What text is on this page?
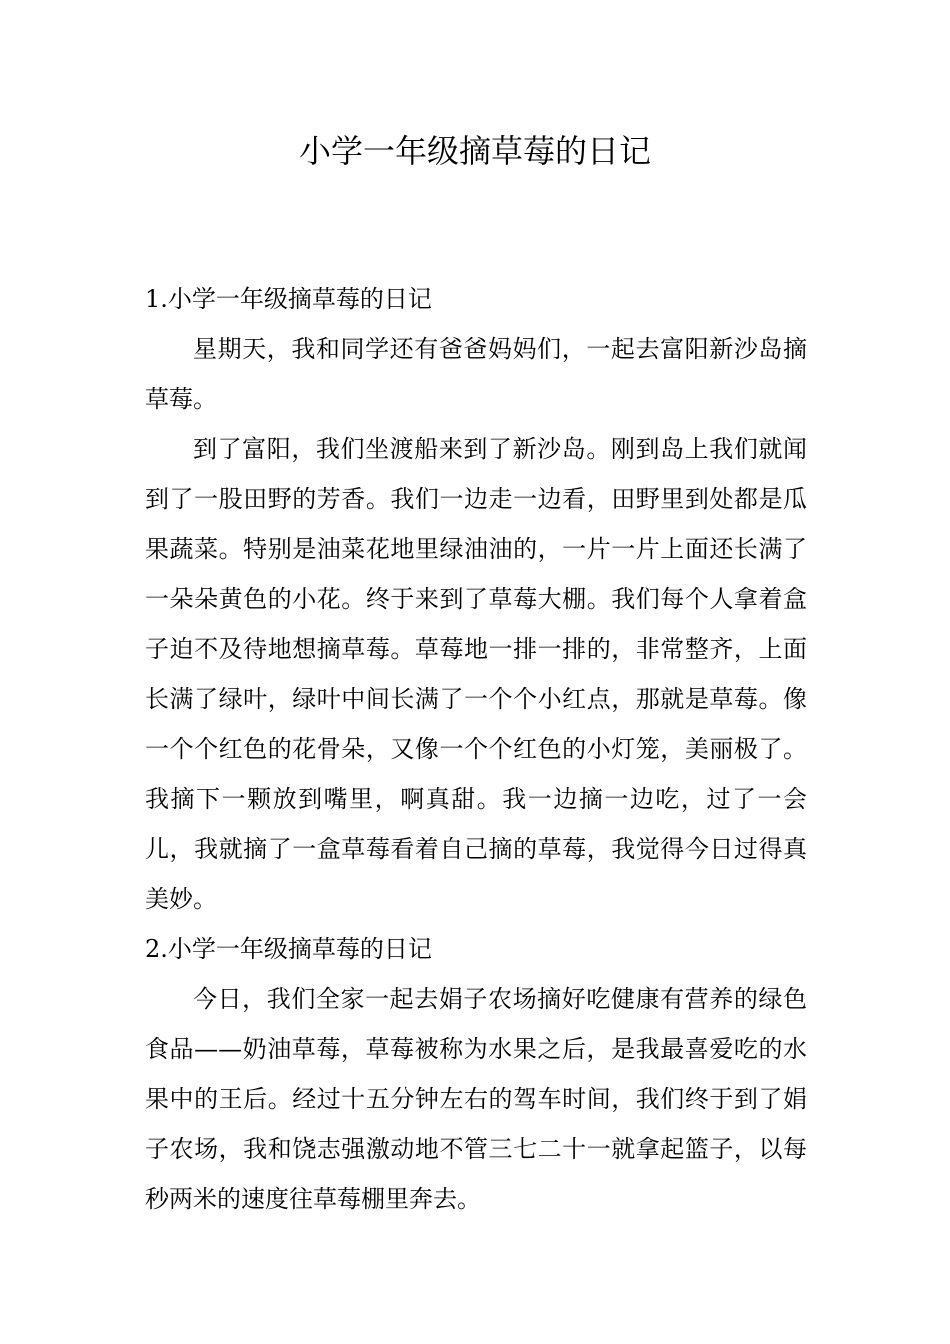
小学一年级摘草莓的日记

1.小学一年级摘草莓的日记

星期天，我和同学还有爸爸妈妈们，一起去富阳新沙岛摘草莓。

到了富阳，我们坐渡船来到了新沙岛。刚到岛上我们就闻到了一股田野的芳香。我们一边走一边看，田野里到处都是瓜果蔬菜。特别是油菜花地里绿油油的，一片一片上面还长满了一朵朵黄色的小花。终于来到了草莓大棚。我们每个人拿着盒子迫不及待地想摘草莓。草莓地一排一排的，非常整齐，上面长满了绿叶，绿叶中间长满了一个个小红点，那就是草莓。像一个个红色的花骨朵，又像一个个红色的小灯笼，美丽极了。我摘下一颗放到嘴里，啊真甜。我一边摘一边吃，过了一会儿，我就摘了一盒草莓看着自己摘的草莓，我觉得今日过得真美妙。

2.小学一年级摘草莓的日记

今日，我们全家一起去娟子农场摘好吃健康有营养的绿色食品——奶油草莓，草莓被称为水果之后，是我最喜爱吃的水果中的王后。经过十五分钟左右的驾车时间，我们终于到了娟子农场，我和饶志强激动地不管三七二十一就拿起篮子，以每秒两米的速度往草莓棚里奔去。
